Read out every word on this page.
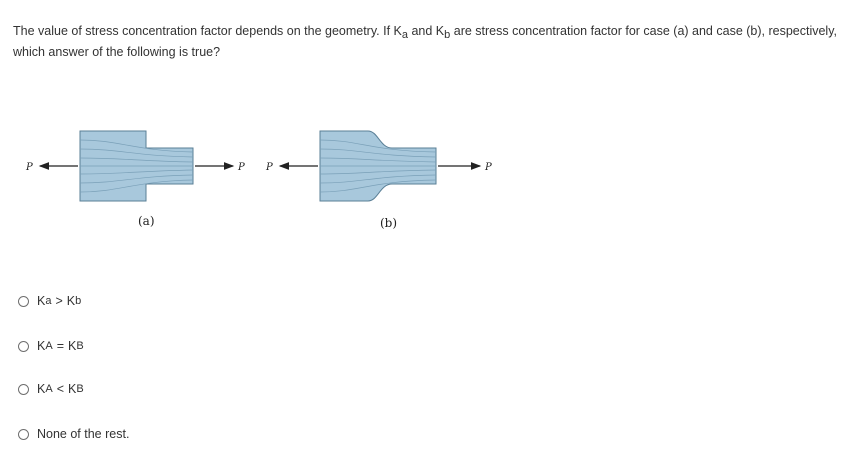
The value of stress concentration factor depends on the geometry. If $K_a$ and $K_b$ are stress concentration factor for case (a) and case (b), respectively,
which answer of the following is true?
P	P P	P
(a)	(b)
K a > K b
K A = K B
K A < K B
None of the rest.
